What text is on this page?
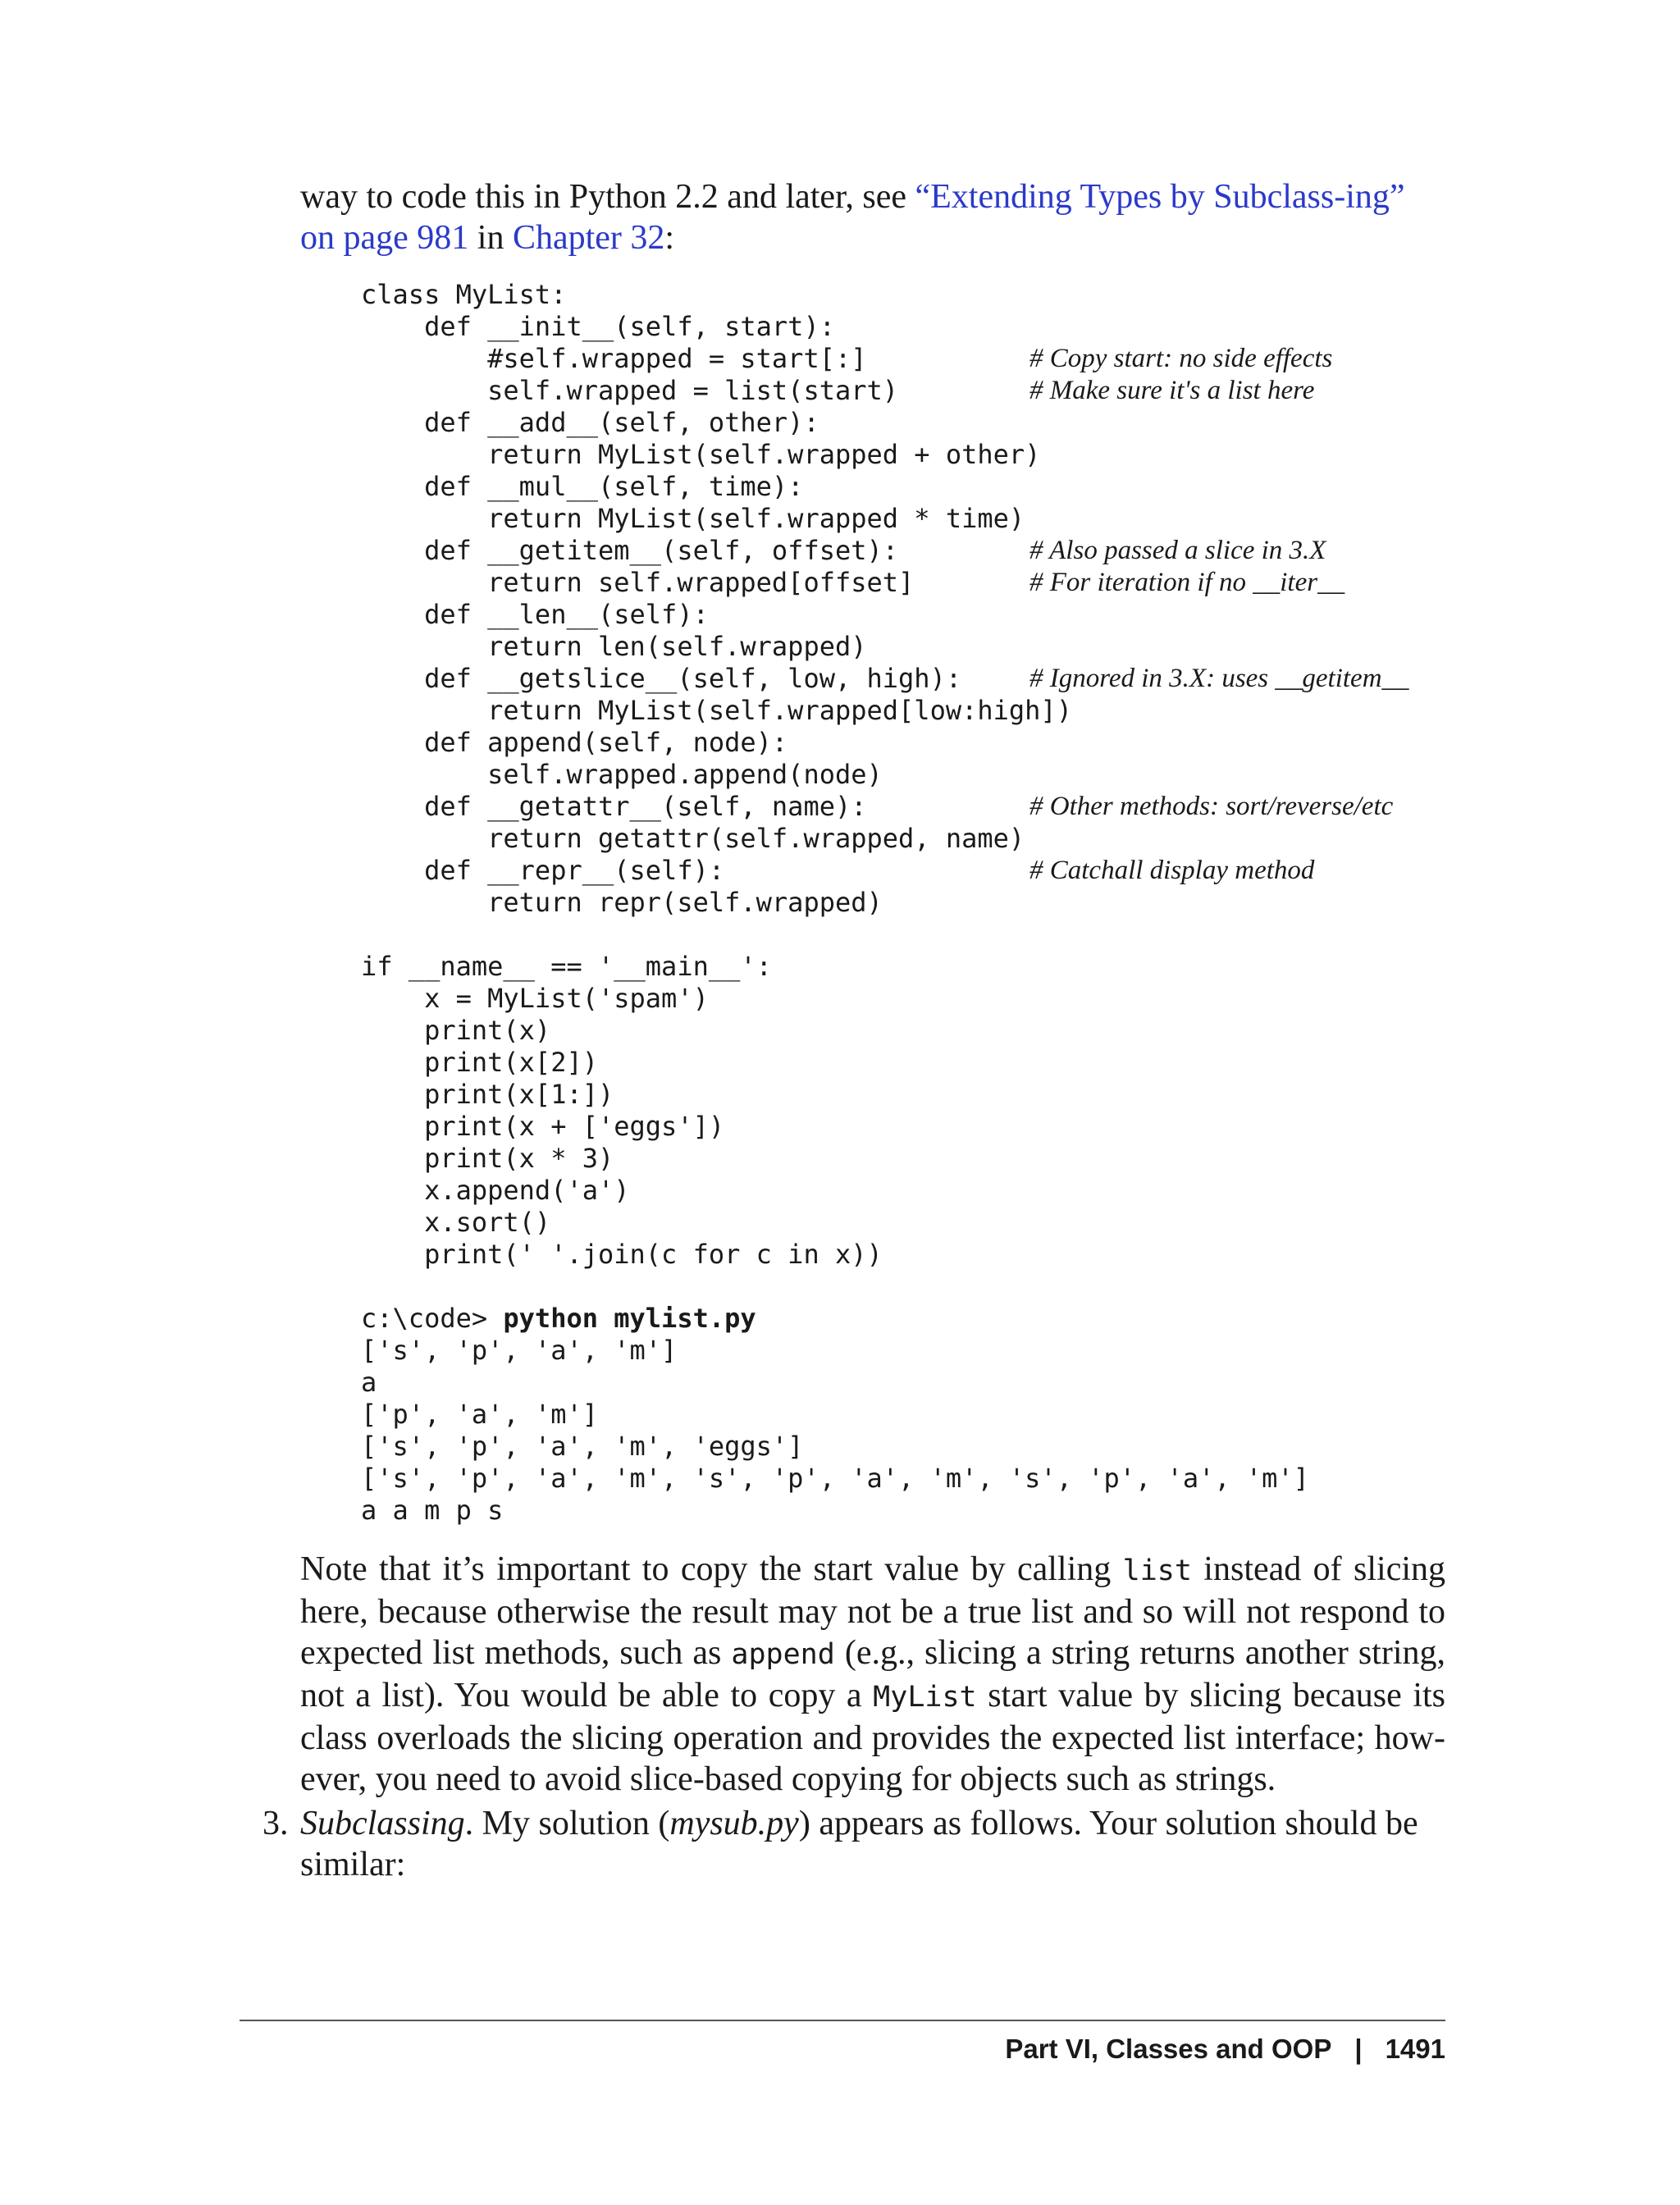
way to code this in Python 2.2 and later, see “Extending Types by Subclass-ing” on page 981 in Chapter 32:

class MyList:
def __init__(self, start):
#self.wrapped = start[:]	# Copy start: no side effects
self.wrapped = list(start)	# Make sure it's a list here
def __add__(self, other):
return MyList(self.wrapped + other)
def __mul__(self, time):
return MyList(self.wrapped * time)
def __getitem__(self, offset):	# Also passed a slice in 3.X
return self.wrapped[offset]	# For iteration if no __iter__
def __len__(self):
return len(self.wrapped)
def __getslice__(self, low, high):	# Ignored in 3.X: uses __getitem__
return MyList(self.wrapped[low:high])
def append(self, node):
self.wrapped.append(node)
def __getattr__(self, name):	# Other methods: sort/reverse/etc
return getattr(self.wrapped, name)
def __repr__(self):	# Catchall display method
return repr(self.wrapped)
if __name__ == '__main__':
x = MyList('spam')
print(x)
print(x[2])
print(x[1:])
print(x + ['eggs'])
print(x * 3)
x.append('a')
x.sort()
print(' '.join(c for c in x))
c:\code> python mylist.py
['s', 'p', 'a', 'm']
a
['p', 'a', 'm']
['s', 'p', 'a', 'm', 'eggs']
['s', 'p', 'a', 'm', 's', 'p', 'a', 'm', 's', 'p', 'a', 'm']
a a m p s

Note that it’s important to copy the start value by calling list instead of slicing here, because otherwise the result may not be a true list and so will not respond to expected list methods, such as append (e.g., slicing a string returns another string, not a list). You would be able to copy a MyList start value by slicing because its class overloads the slicing operation and provides the expected list interface; how-ever, you need to avoid slice-based copying for objects such as strings.

3. Subclassing. My solution (mysub.py) appears as follows. Your solution should be similar:
Part VI, Classes and OOP | 1491
